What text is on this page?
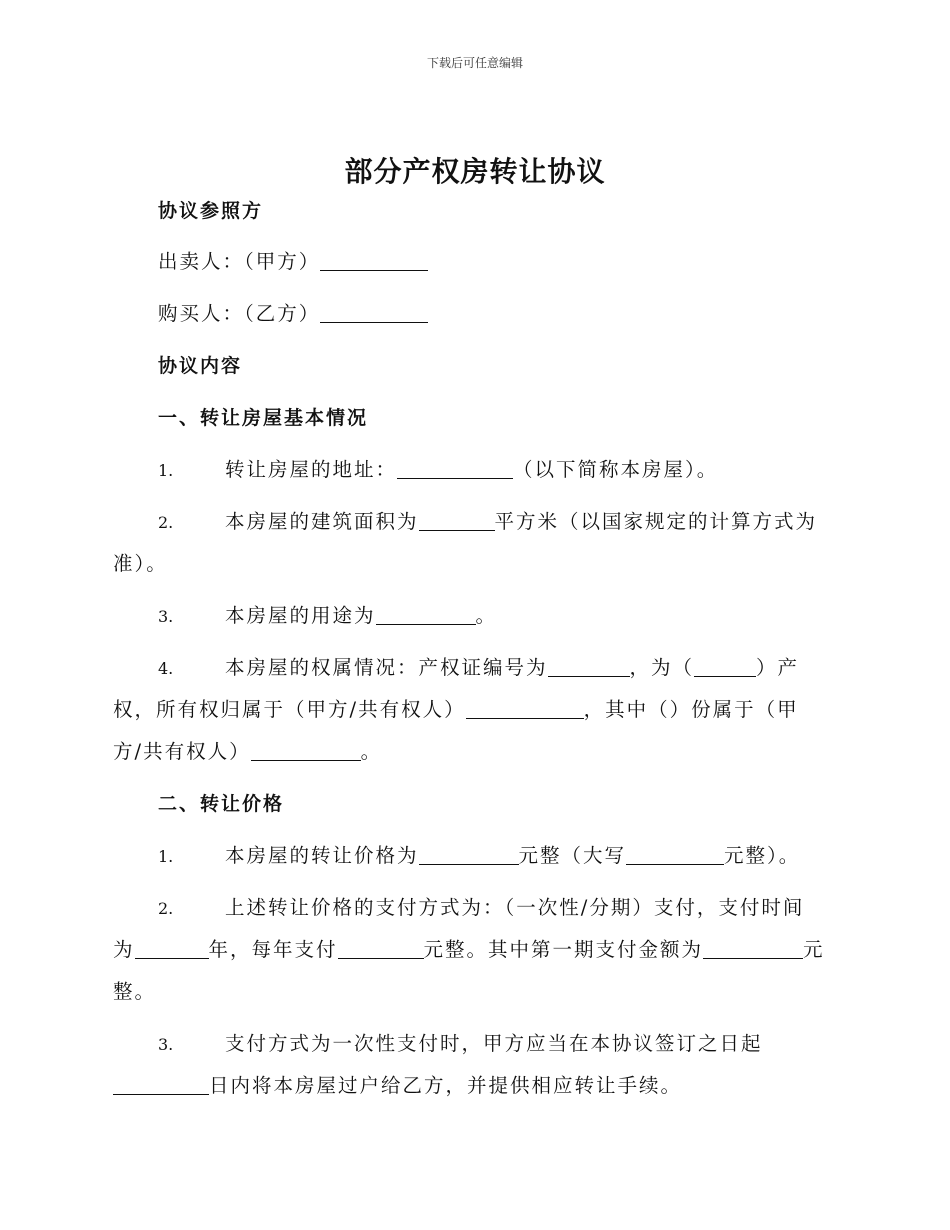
下载后可任意编辑
部分产权房转让协议
协议参照方
出卖人：（甲方）
购买人：（乙方）
协议内容
一、转让房屋基本情况
1.	转让房屋的地址：	（以下简称本房屋）。
2.	本房屋的建筑面积为	平方米（以国家规定的计算方式为
准）。
3.	本房屋的用途为	。
4.	本房屋的权属情况：产权证编号为	，为（	）产
权，所有权归属于（甲方/共有权人）	，其中（）份属于（甲
方/共有权人）	。
二、转让价格
1.	本房屋的转让价格为	元整（大写	元整）。
2.	上述转让价格的支付方式为：（一次性/分期）支付，支付时间
为	年，每年支付	元整。其中第一期支付金额为	元
整。
3.	支付方式为一次性支付时，甲方应当在本协议签订之日起
日内将本房屋过户给乙方，并提供相应转让手续。
